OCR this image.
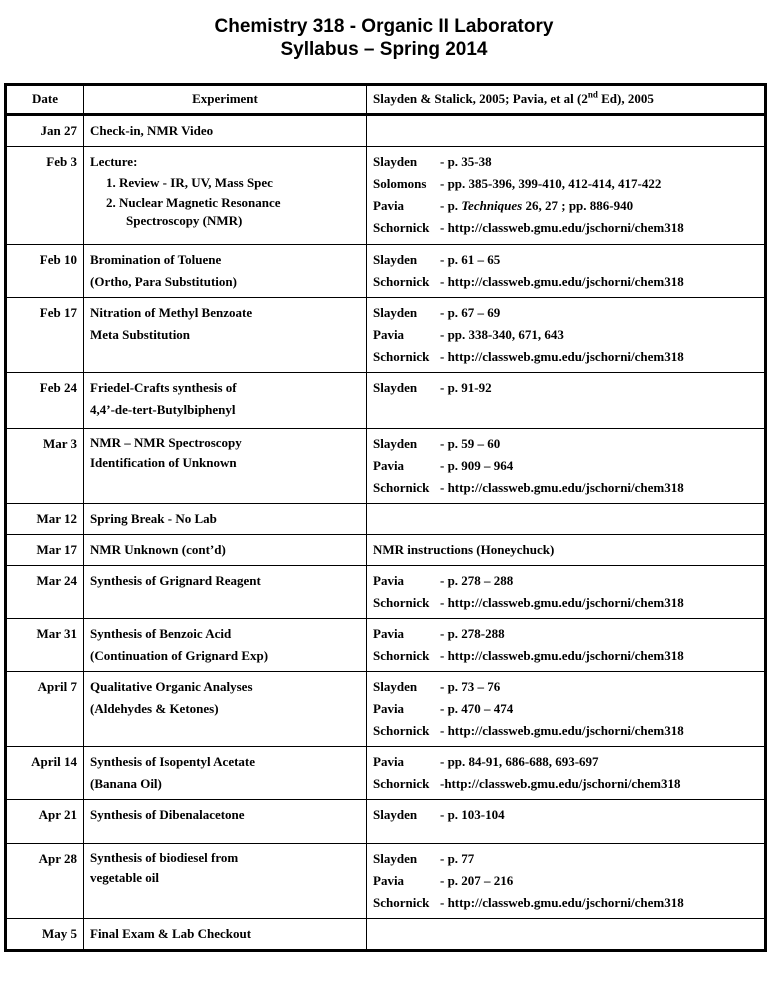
Chemistry 318 - Organic II Laboratory
Syllabus – Spring 2014
Date	Experiment	Slayden & Stalick, 2005; Pavia, et al (2nd Ed), 2005
Jan 27	Check-in, NMR Video	

Feb 3	Lecture:
1. Review - IR, UV, Mass Spec
2. Nuclear Magnetic Resonance
Spectroscopy (NMR)	Slayden - p. 35-38
Solomons - pp. 385-396, 399-410, 412-414, 417-422
Pavia - p. Techniques 26, 27 ; pp. 886-940
Schornick - http://classweb.gmu.edu/jschorni/chem318

Feb 10	Bromination of Toluene
(Ortho, Para Substitution)	Slayden - p. 61 – 65
Schornick - http://classweb.gmu.edu/jschorni/chem318

Feb 17	Nitration of Methyl Benzoate
Meta Substitution	Slayden - p. 67 – 69
Pavia - pp. 338-340, 671, 643
Schornick - http://classweb.gmu.edu/jschorni/chem318

Feb 24	Friedel-Crafts synthesis of
4,4’-de-tert-Butylbiphenyl	Slayden - p. 91-92

Mar 3	NMR – NMR Spectroscopy
Identification of Unknown	Slayden - p. 59 – 60
Pavia - p. 909 – 964
Schornick - http://classweb.gmu.edu/jschorni/chem318

Mar 12	Spring Break - No Lab	

Mar 17	NMR Unknown (cont’d)	NMR instructions (Honeychuck)

Mar 24	Synthesis of Grignard Reagent	Pavia - p. 278 – 288
Schornick - http://classweb.gmu.edu/jschorni/chem318

Mar 31	Synthesis of Benzoic Acid
(Continuation of Grignard Exp)	Pavia - p. 278-288
Schornick - http://classweb.gmu.edu/jschorni/chem318

April 7	Qualitative Organic Analyses
(Aldehydes & Ketones)	Slayden - p. 73 – 76
Pavia - p. 470 – 474
Schornick - http://classweb.gmu.edu/jschorni/chem318

April 14	Synthesis of Isopentyl Acetate
(Banana Oil)	Pavia - pp. 84-91, 686-688, 693-697
Schornick -http://classweb.gmu.edu/jschorni/chem318

Apr 21	Synthesis of Dibenalacetone	Slayden - p. 103-104

Apr 28	Synthesis of biodiesel from
vegetable oil	Slayden - p. 77
Pavia - p. 207 – 216
Schornick - http://classweb.gmu.edu/jschorni/chem318

May 5	Final Exam & Lab Checkout	
